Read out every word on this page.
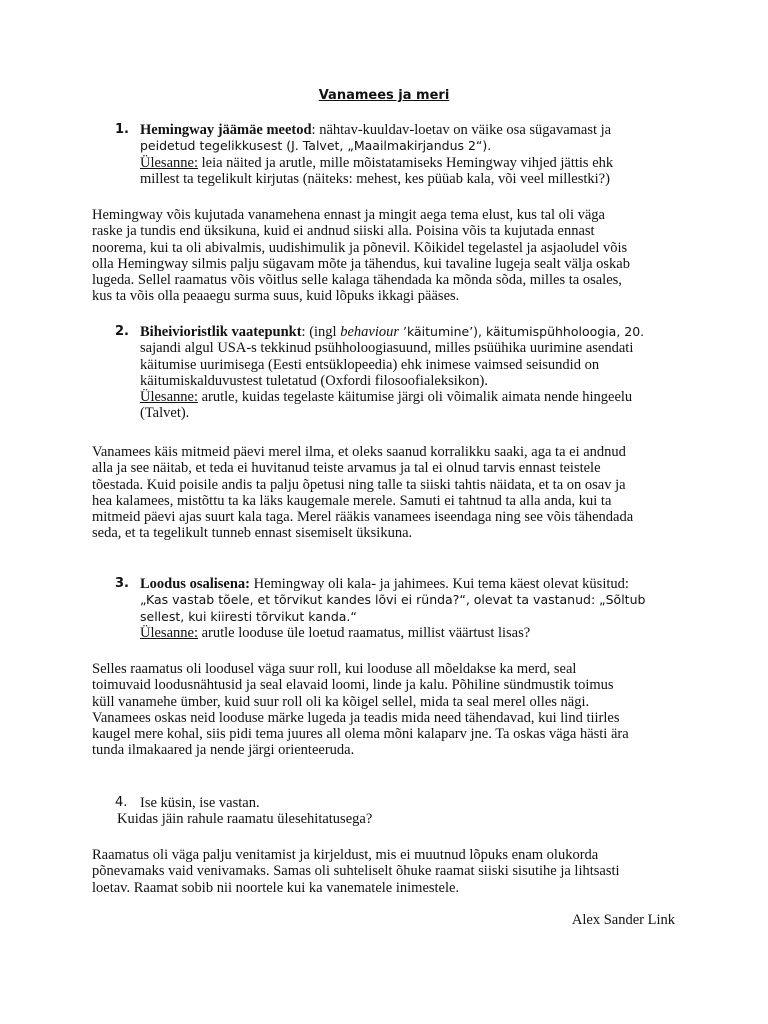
Vanamees ja meri
1. Hemingway jäämäe meetod: nähtav-kuuldav-loetav on väike osa sügavamast ja
peidetud tegelikkusest (J. Talvet, „Maailmakirjandus 2“).
Ülesanne: leia näited ja arutle, mille mõistatamiseks Hemingway vihjed jättis ehk
millest ta tegelikult kirjutas (näiteks: mehest, kes püüab kala, või veel millestki?)
Hemingway võis kujutada vanamehena ennast ja mingit aega tema elust, kus tal oli väga
raske ja tundis end üksikuna, kuid ei andnud siiski alla. Poisina võis ta kujutada ennast
noorema, kui ta oli abivalmis, uudishimulik ja põnevil. Kõikidel tegelastel ja asjaoludel võis
olla Hemingway silmis palju sügavam mõte ja tähendus, kui tavaline lugeja sealt välja oskab
lugeda. Sellel raamatus võis võitlus selle kalaga tähendada ka mõnda sõda, milles ta osales,
kus ta võis olla peaaegu surma suus, kuid lõpuks ikkagi pääses.
2. Biheivioristlik vaatepunkt: (ingl behaviour ’käitumine’), käitumispühholoogia, 20.
sajandi algul USA-s tekkinud psühholoogiasuund, milles psüühika uurimine asendati
käitumise uurimisega (Eesti entsüklopeedia) ehk inimese vaimsed seisundid on
käitumiskalduvustest tuletatud (Oxfordi filosoofialeksikon).
Ülesanne: arutle, kuidas tegelaste käitumise järgi oli võimalik aimata nende hingeelu
(Talvet).
Vanamees käis mitmeid päevi merel ilma, et oleks saanud korralikku saaki, aga ta ei andnud
alla ja see näitab, et teda ei huvitanud teiste arvamus ja tal ei olnud tarvis ennast teistele
tõestada. Kuid poisile andis ta palju õpetusi ning talle ta siiski tahtis näidata, et ta on osav ja
hea kalamees, mistõttu ta ka läks kaugemale merele. Samuti ei tahtnud ta alla anda, kui ta
mitmeid päevi ajas suurt kala taga. Merel rääkis vanamees iseendaga ning see võis tähendada
seda, et ta tegelikult tunneb ennast sisemiselt üksikuna.
3. Loodus osalisena: Hemingway oli kala- ja jahimees. Kui tema käest olevat küsitud:
„Kas vastab tõele, et tõrvikut kandes lõvi ei ründa?“, olevat ta vastanud: „Sõltub
sellest, kui kiiresti tõrvikut kanda.“
Ülesanne: arutle looduse üle loetud raamatus, millist väärtust lisas?
Selles raamatus oli loodusel väga suur roll, kui looduse all mõeldakse ka merd, seal
toimuvaid loodusnähtusid ja seal elavaid loomi, linde ja kalu. Põhiline sündmustik toimus
küll vanamehe ümber, kuid suur roll oli ka kõigel sellel, mida ta seal merel olles nägi.
Vanamees oskas neid looduse märke lugeda ja teadis mida need tähendavad, kui lind tiirles
kaugel mere kohal, siis pidi tema juures all olema mõni kalaparv jne. Ta oskas väga hästi ära
tunda ilmakaared ja nende järgi orienteeruda.
4. Ise küsin, ise vastan.
Kuidas jäin rahule raamatu ülesehitatusega?
Raamatus oli väga palju venitamist ja kirjeldust, mis ei muutnud lõpuks enam olukorda
põnevamaks vaid venivamaks. Samas oli suhteliselt õhuke raamat siiski sisutihe ja lihtsasti
loetav. Raamat sobib nii noortele kui ka vanematele inimestele.
Alex Sander Link
